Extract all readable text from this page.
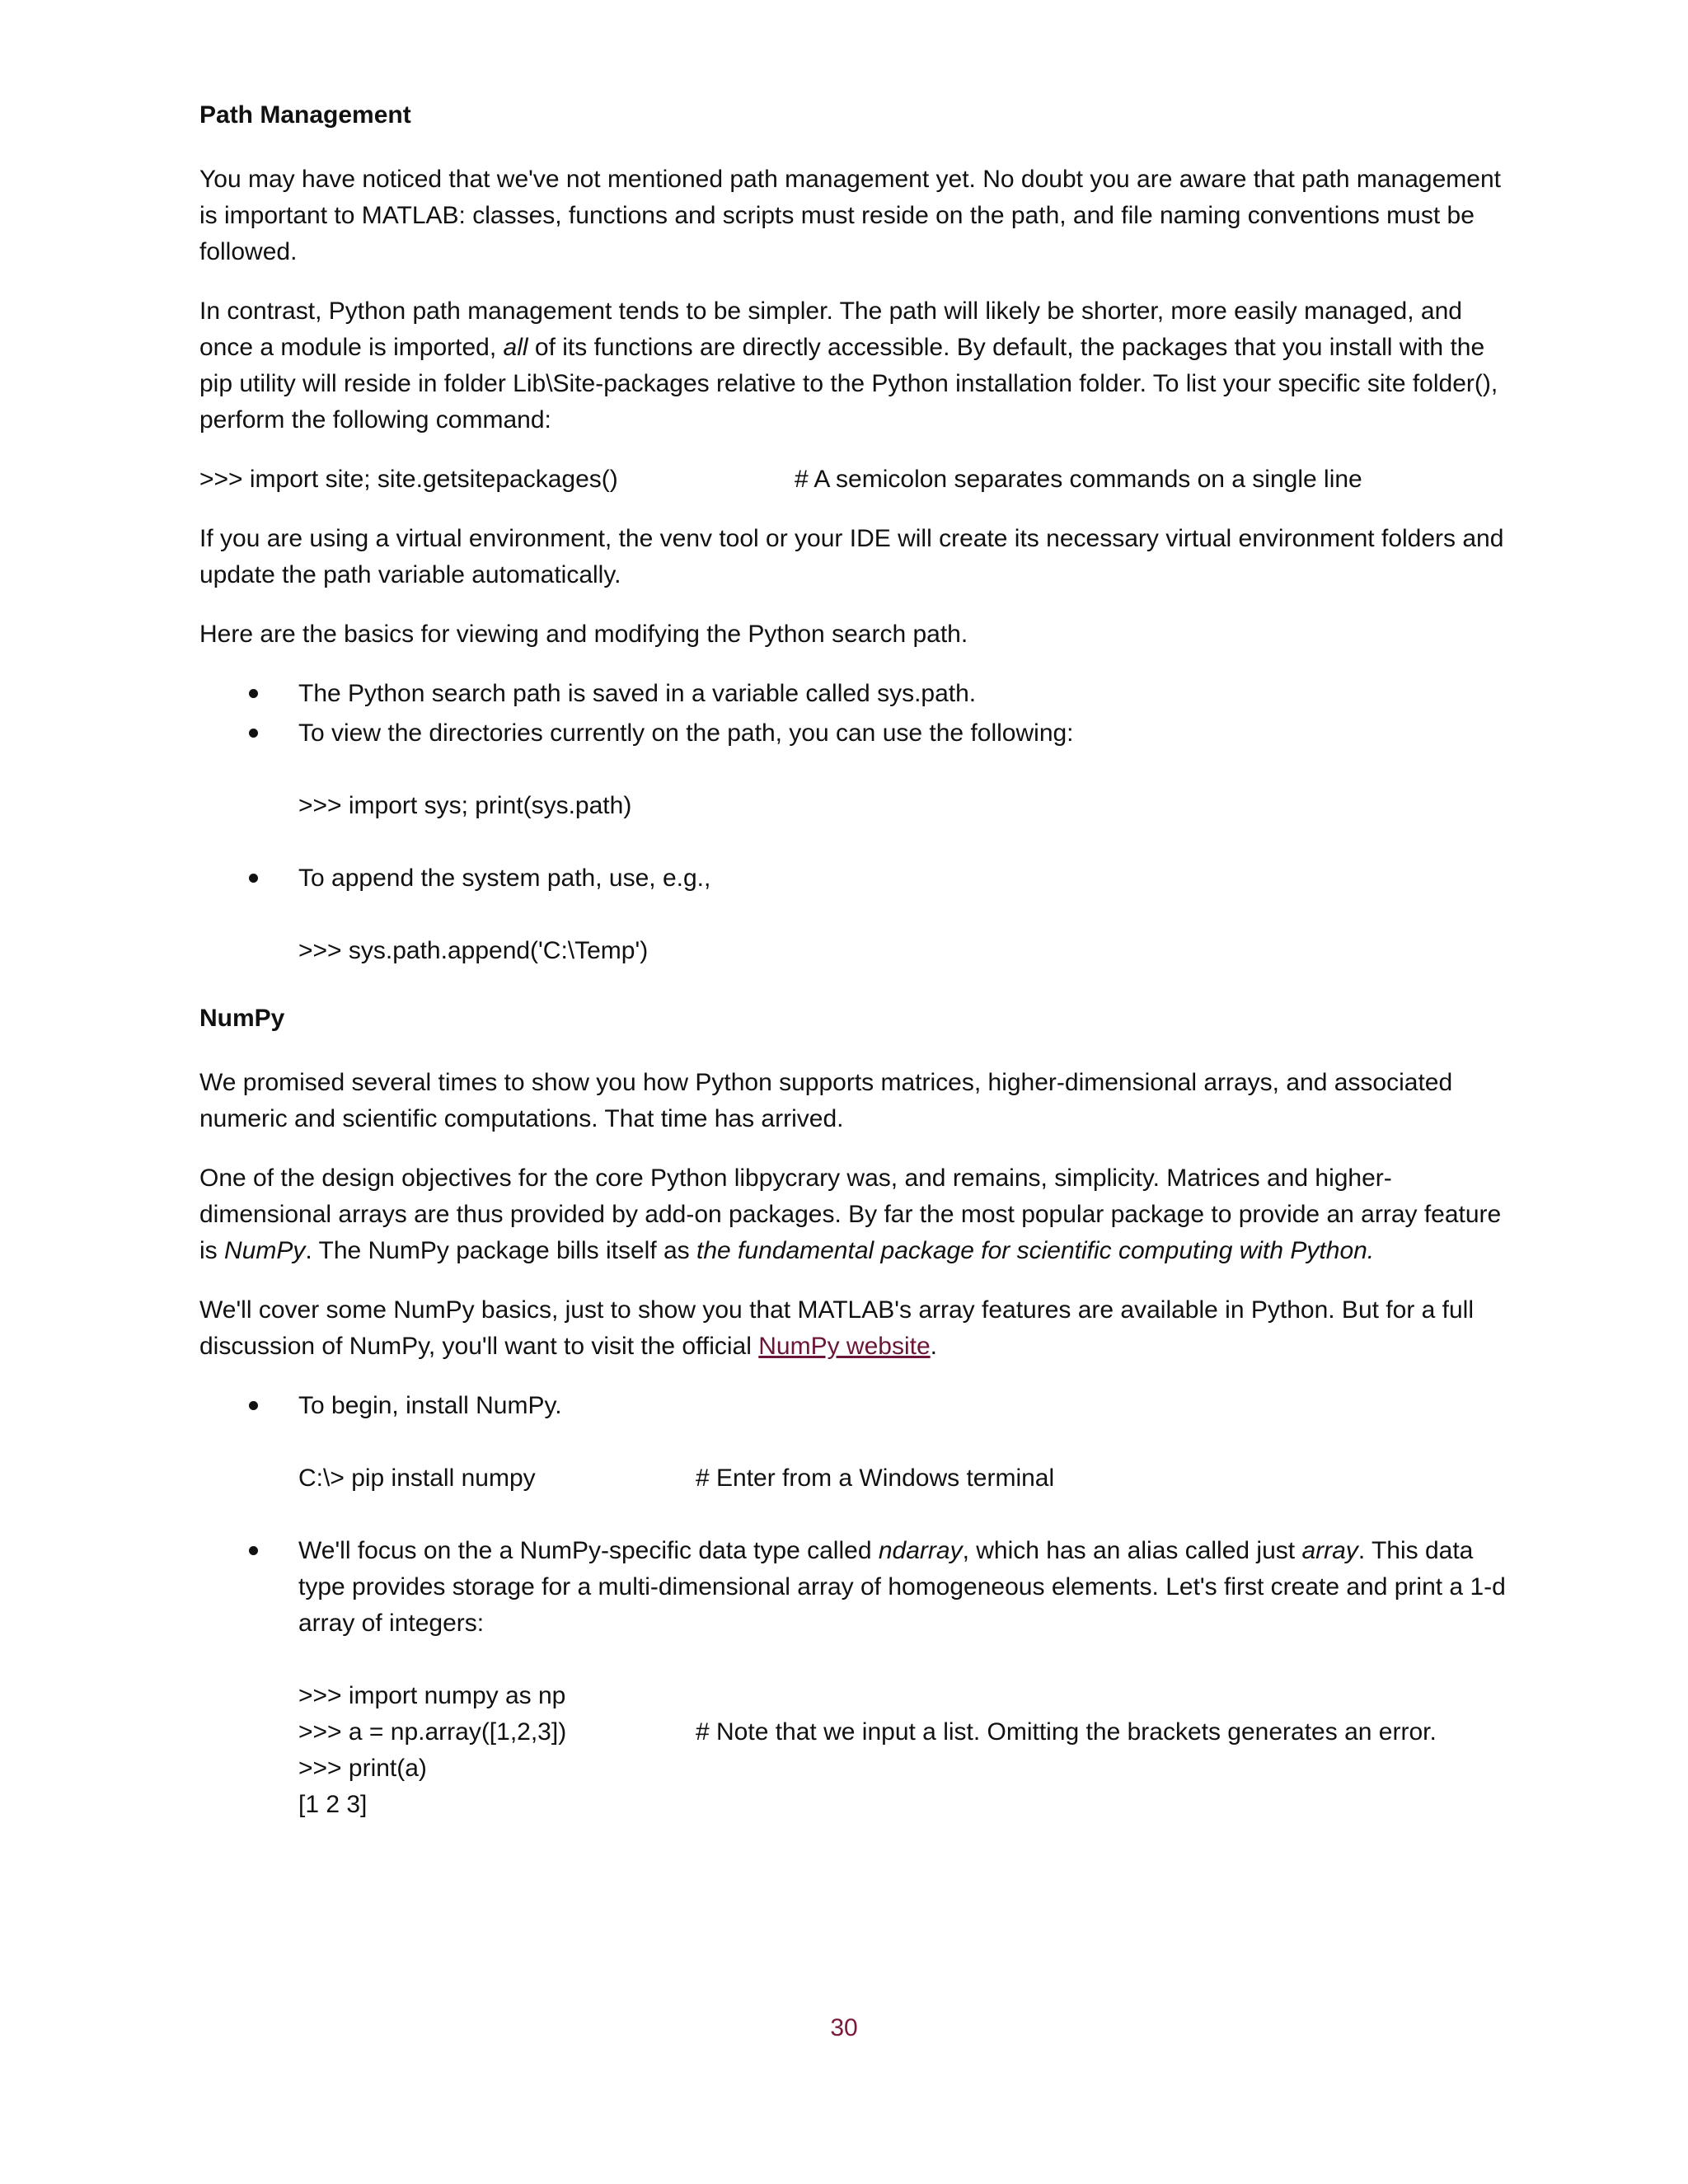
Path Management

You may have noticed that we've not mentioned path management yet. No doubt you are aware that path management is important to MATLAB: classes, functions and scripts must reside on the path, and file naming conventions must be followed.

In contrast, Python path management tends to be simpler. The path will likely be shorter, more easily managed, and once a module is imported, all of its functions are directly accessible. By default, the packages that you install with the pip utility will reside in folder Lib\Site-packages relative to the Python installation folder. To list your specific site folder(), perform the following command:

>>> import site; site.getsitepackages()	# A semicolon separates commands on a single line

If you are using a virtual environment, the venv tool or your IDE will create its necessary virtual environment folders and update the path variable automatically.

Here are the basics for viewing and modifying the Python search path.

The Python search path is saved in a variable called sys.path.
To view the directories currently on the path, you can use the following:
>>> import sys; print(sys.path)
To append the system path, use, e.g.,
>>> sys.path.append('C:\Temp')
NumPy

We promised several times to show you how Python supports matrices, higher-dimensional arrays, and associated numeric and scientific computations. That time has arrived.

One of the design objectives for the core Python libpycrary was, and remains, simplicity. Matrices and higher-dimensional arrays are thus provided by add-on packages. By far the most popular package to provide an array feature is NumPy. The NumPy package bills itself as the fundamental package for scientific computing with Python.

We'll cover some NumPy basics, just to show you that MATLAB's array features are available in Python. But for a full discussion of NumPy, you'll want to visit the official NumPy website.

To begin, install NumPy.
C:\> pip install numpy	# Enter from a Windows terminal
We'll focus on the a NumPy-specific data type called ndarray, which has an alias called just array. This data type provides storage for a multi-dimensional array of homogeneous elements. Let's first create and print a 1-d array of integers:
>>> import numpy as np
>>> a = np.array([1,2,3])	# Note that we input a list. Omitting the brackets generates an error.
>>> print(a)
[1 2 3]
30
